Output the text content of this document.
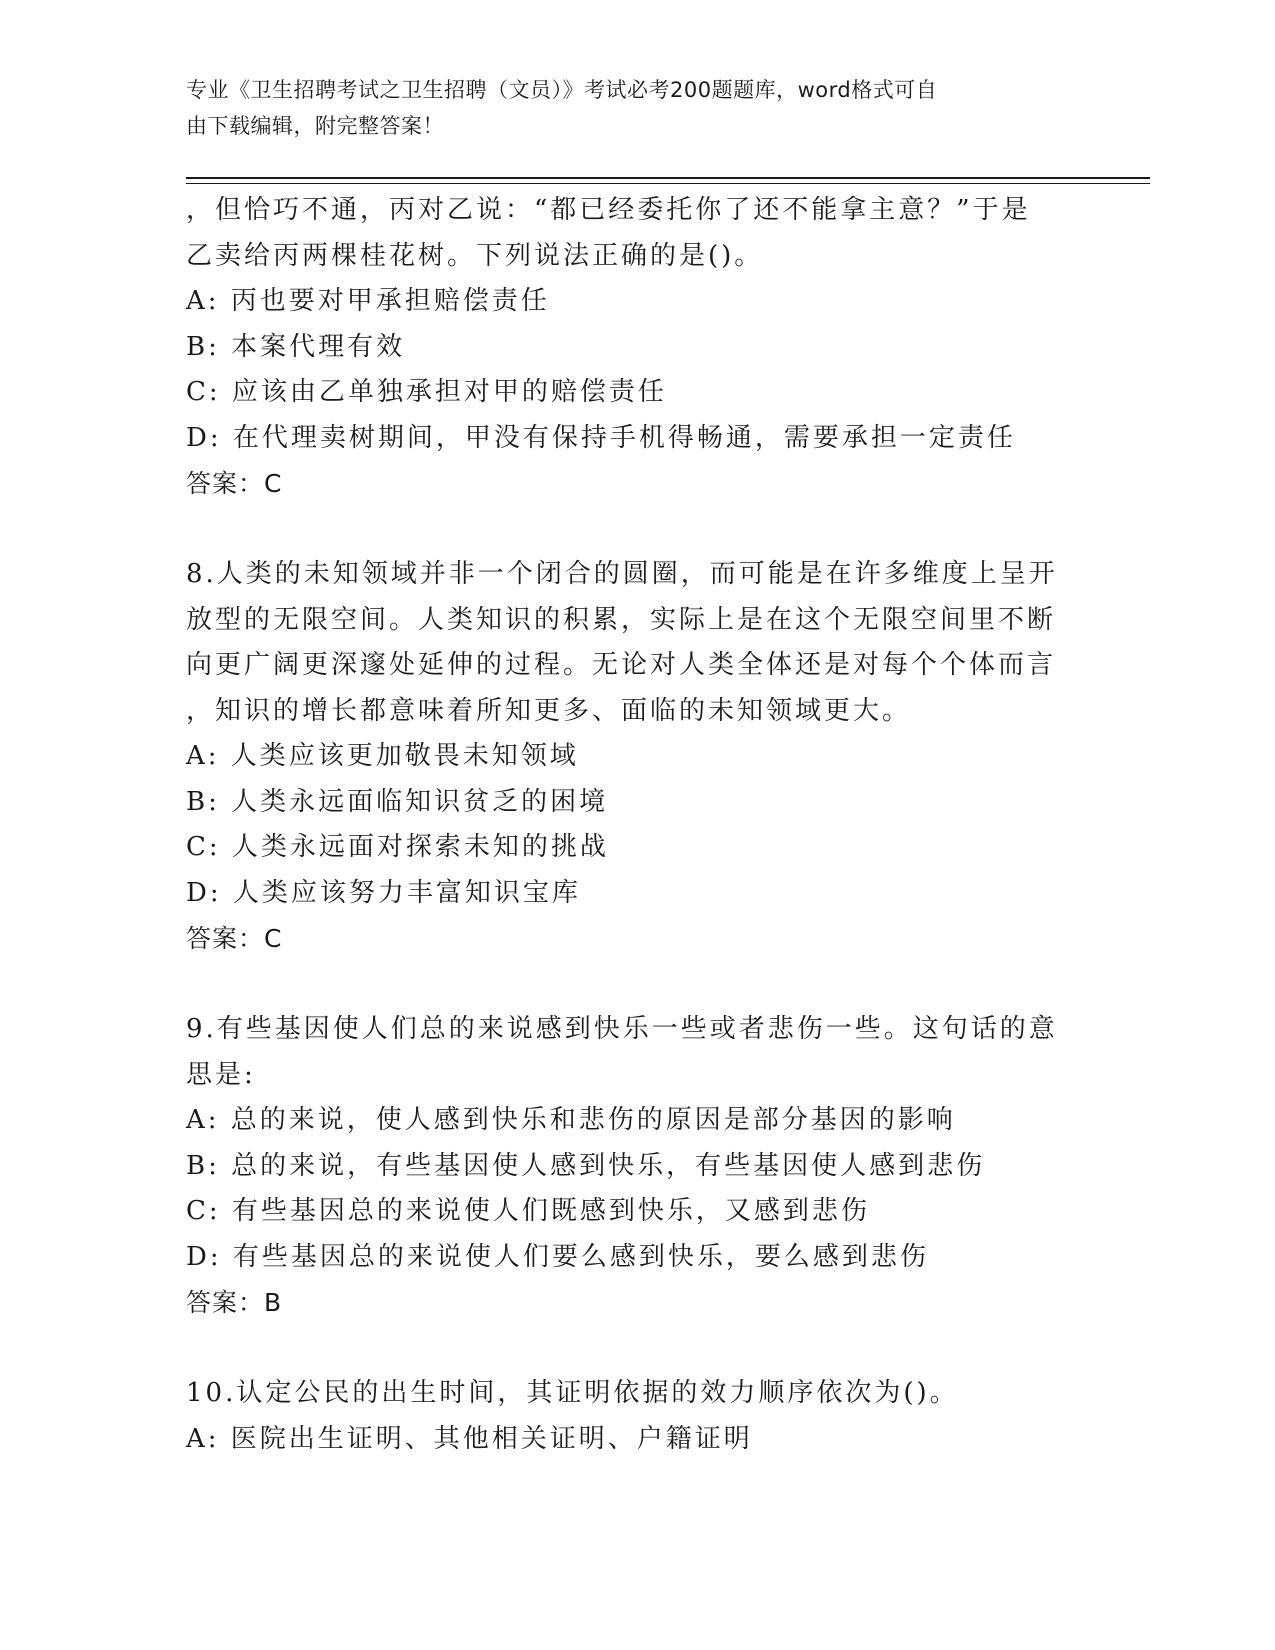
专业《卫生招聘考试之卫生招聘（文员）》考试必考200题题库，word格式可自
由下载编辑，附完整答案！
，但恰巧不通，丙对乙说：“都已经委托你了还不能拿主意？”于是
乙卖给丙两棵桂花树。下列说法正确的是()。
A: 丙也要对甲承担赔偿责任
B: 本案代理有效
C: 应该由乙单独承担对甲的赔偿责任
D: 在代理卖树期间，甲没有保持手机得畅通，需要承担一定责任
答案：C
8.人类的未知领域并非一个闭合的圆圈，而可能是在许多维度上呈开
放型的无限空间。人类知识的积累，实际上是在这个无限空间里不断
向更广阔更深邃处延伸的过程。无论对人类全体还是对每个个体而言
，知识的增长都意味着所知更多、面临的未知领域更大。
A: 人类应该更加敬畏未知领域
B: 人类永远面临知识贫乏的困境
C: 人类永远面对探索未知的挑战
D: 人类应该努力丰富知识宝库
答案：C
9.有些基因使人们总的来说感到快乐一些或者悲伤一些。这句话的意
思是:
A: 总的来说，使人感到快乐和悲伤的原因是部分基因的影响
B: 总的来说，有些基因使人感到快乐，有些基因使人感到悲伤
C: 有些基因总的来说使人们既感到快乐，又感到悲伤
D: 有些基因总的来说使人们要么感到快乐，要么感到悲伤
答案：B
10.认定公民的出生时间，其证明依据的效力顺序依次为()。
A: 医院出生证明、其他相关证明、户籍证明
